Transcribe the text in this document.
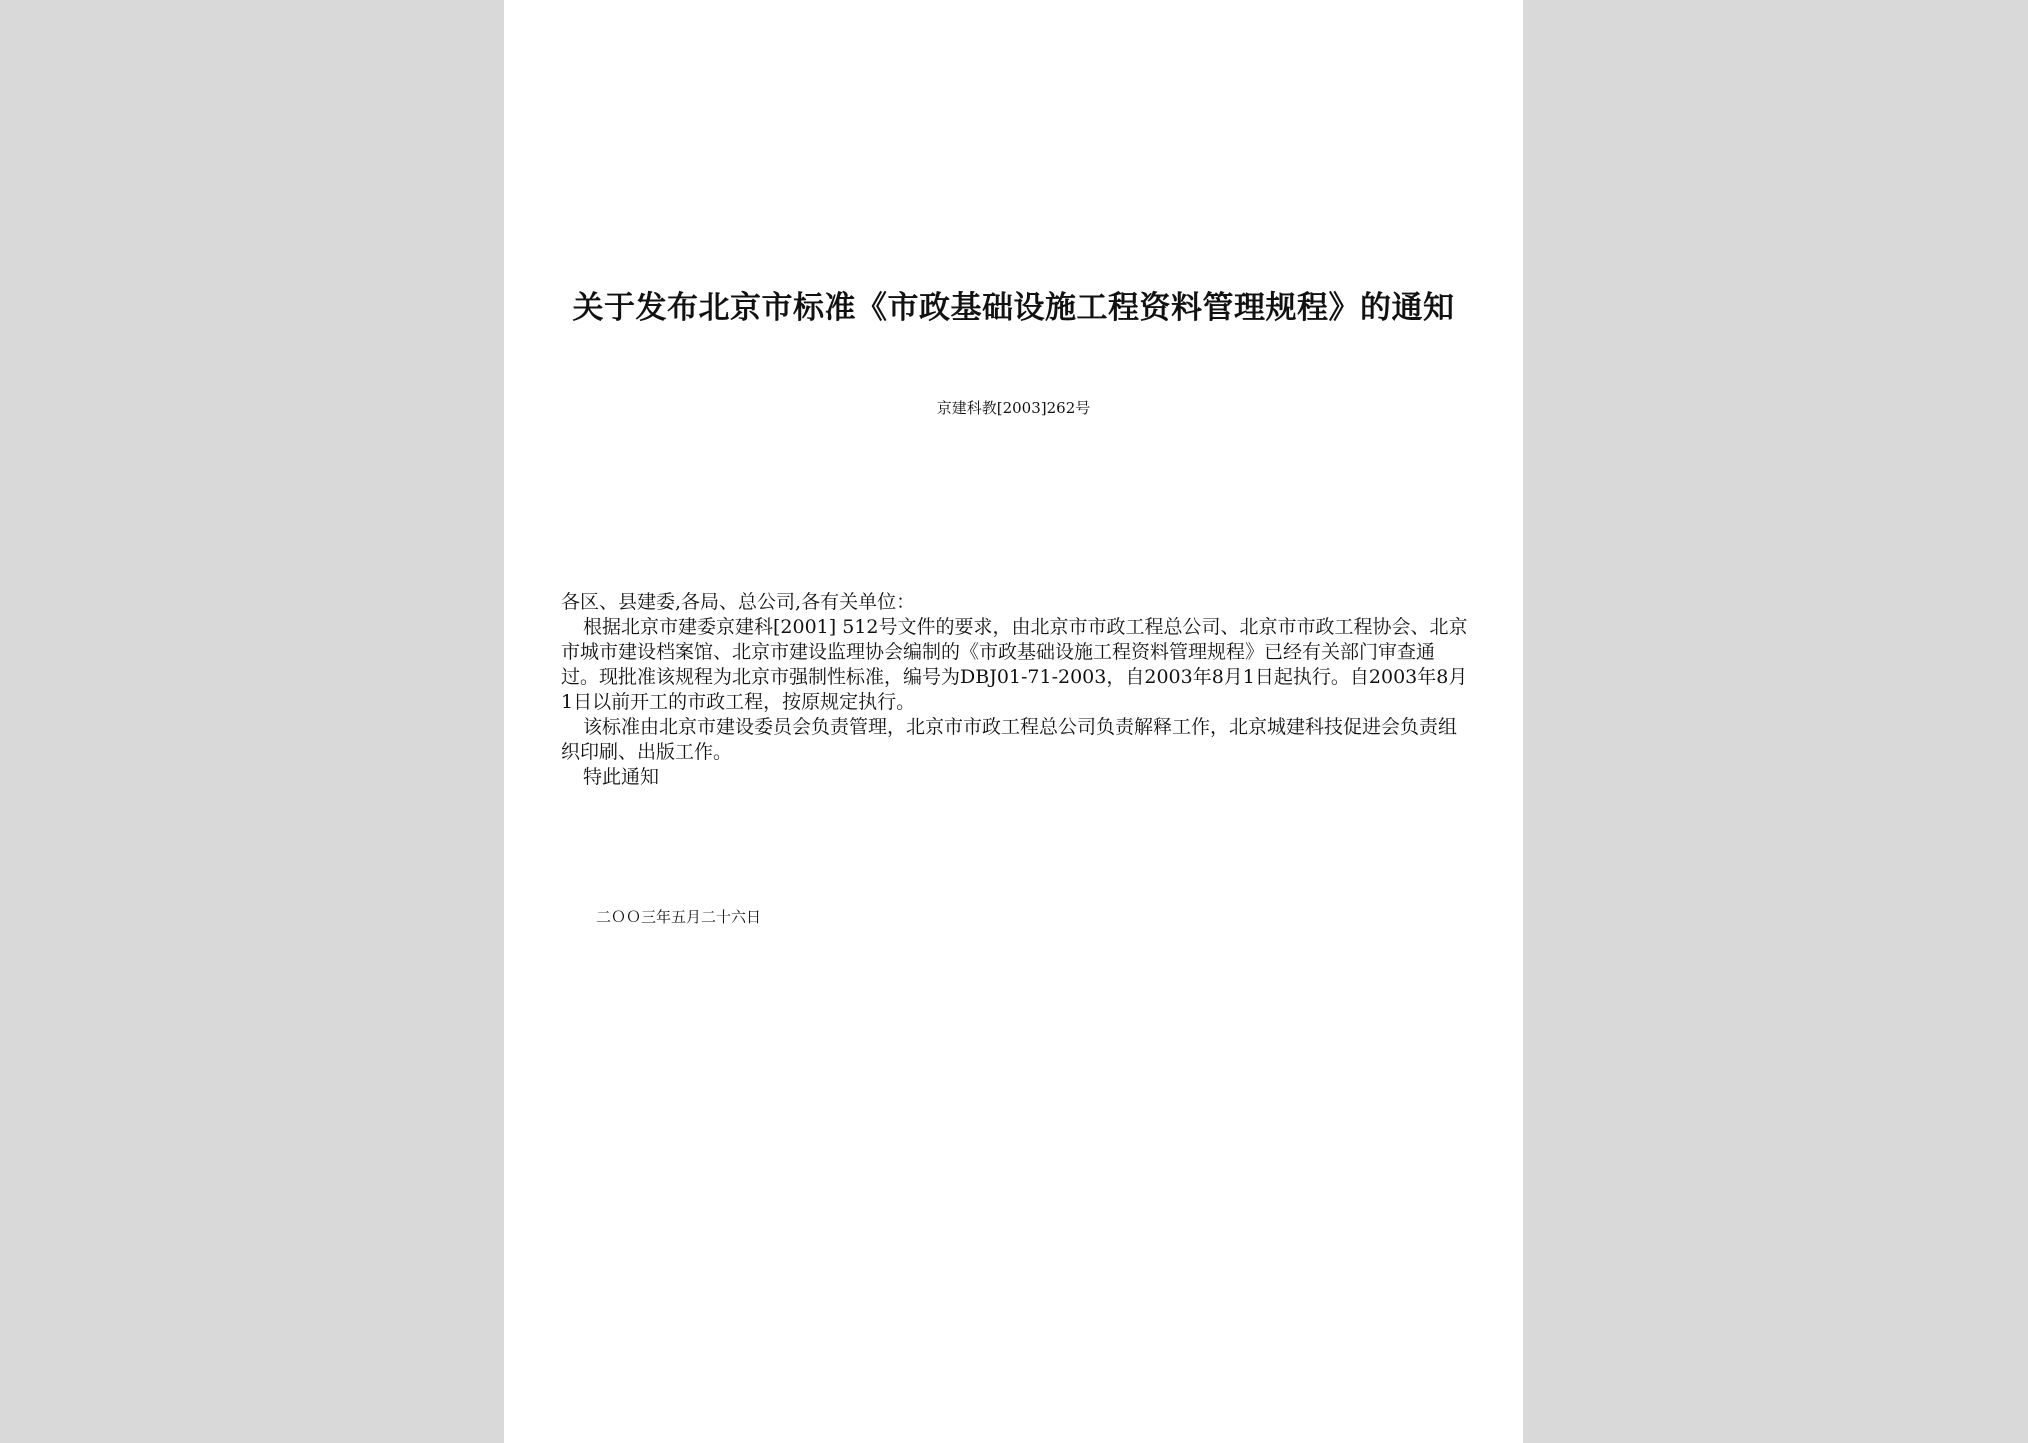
关于发布北京市标准《市政基础设施工程资料管理规程》的通知
京建科教[2003]262号

各区、县建委,各局、总公司,各有关单位：

根据北京市建委京建科[2001] 512号文件的要求，由北京市市政工程总公司、北京市市政工程协会、北京市城市建设档案馆、北京市建设监理协会编制的《市政基础设施工程资料管理规程》已经有关部门审查通过。现批准该规程为北京市强制性标准，编号为DBJ01-71-2003，自2003年8月1日起执行。自2003年8月1日以前开工的市政工程，按原规定执行。

该标准由北京市建设委员会负责管理，北京市市政工程总公司负责解释工作，北京城建科技促进会负责组织印刷、出版工作。

特此通知

二ＯＯ三年五月二十六日
